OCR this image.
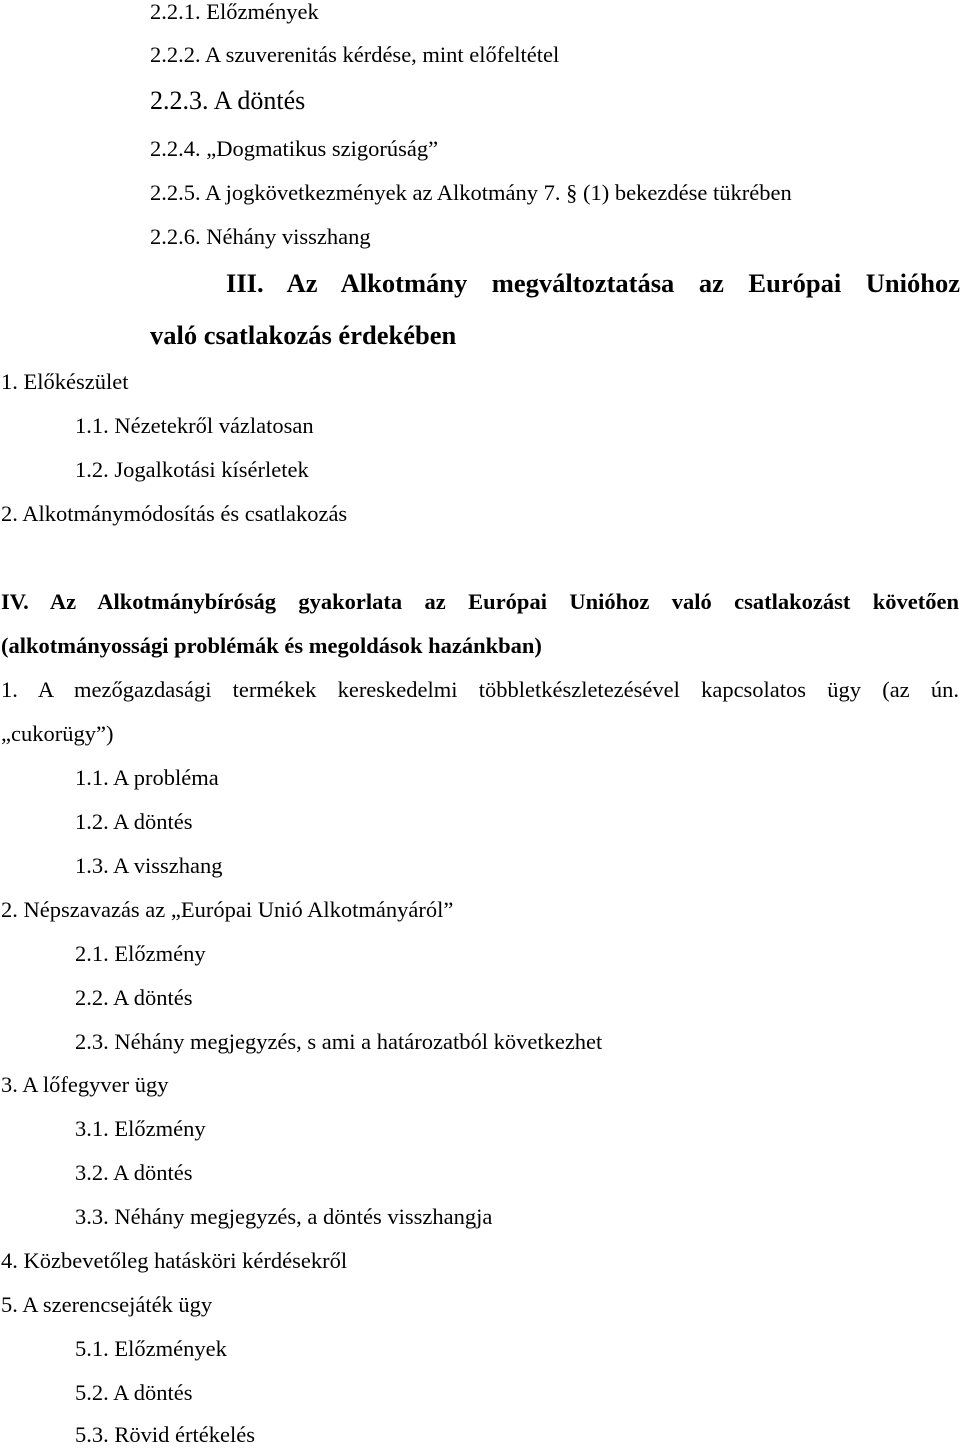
2.2.1. Előzmények

2.2.2. A szuverenitás kérdése, mint előfeltétel

2.2.3. A döntés

2.2.4. „Dogmatikus szigorúság”

2.2.5. A jogkövetkezmények az Alkotmány 7. § (1) bekezdése tükrében

2.2.6. Néhány visszhang

III. Az Alkotmány megváltoztatása az Európai Unióhoz

való csatlakozás érdekében

1. Előkészület

1.1. Nézetekről vázlatosan

1.2. Jogalkotási kísérletek

2. Alkotmánymódosítás és csatlakozás

IV. Az Alkotmánybíróság gyakorlata az Európai Unióhoz való csatlakozást követően

(alkotmányossági problémák és megoldások hazánkban)

1. A mezőgazdasági termékek kereskedelmi többletkészletezésével kapcsolatos ügy (az ún.

„cukorügy”)

1.1. A probléma

1.2. A döntés

1.3. A visszhang

2. Népszavazás az „Európai Unió Alkotmányáról”

2.1. Előzmény

2.2. A döntés

2.3. Néhány megjegyzés, s ami a határozatból következhet

3. A lőfegyver ügy

3.1. Előzmény

3.2. A döntés

3.3. Néhány megjegyzés, a döntés visszhangja

4. Közbevetőleg hatásköri kérdésekről

5. A szerencsejáték ügy

5.1. Előzmények

5.2. A döntés

5.3. Rövid értékelés
